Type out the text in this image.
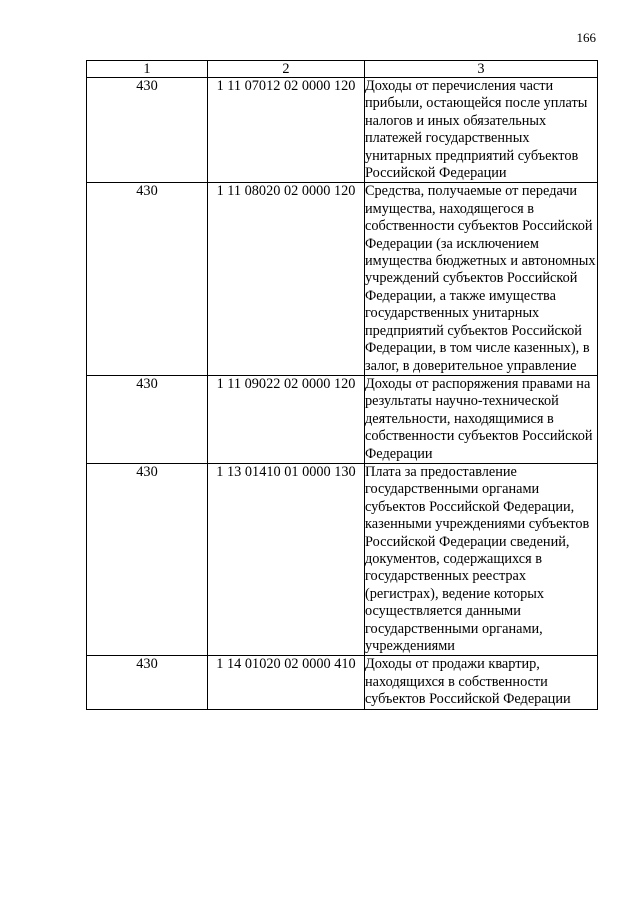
166
1	2	3
430	1 11 07012 02 0000 120	Доходы от перечисления части прибыли, остающейся после уплаты налогов и иных обязательных платежей государственных унитарных предприятий субъектов Российской Федерации
430	1 11 08020 02 0000 120	Средства, получаемые от передачи имущества, находящегося в собственности субъектов Российской Федерации (за исключением имущества бюджетных и автономных учреждений субъектов Российской Федерации, а также имущества государственных унитарных предприятий субъектов Российской Федерации, в том числе казенных), в залог, в доверительное управление
430	1 11 09022 02 0000 120	Доходы от распоряжения правами на результаты научно-технической деятельности, находящимися в собственности субъектов Российской Федерации
430	1 13 01410 01 0000 130	Плата за предоставление государственными органами субъектов Российской Федерации, казенными учреждениями субъектов Российской Федерации сведений, документов, содержащихся в государственных реестрах (регистрах), ведение которых осуществляется данными государственными органами, учреждениями
430	1 14 01020 02 0000 410	Доходы от продажи квартир, находящихся в собственности субъектов Российской Федерации
